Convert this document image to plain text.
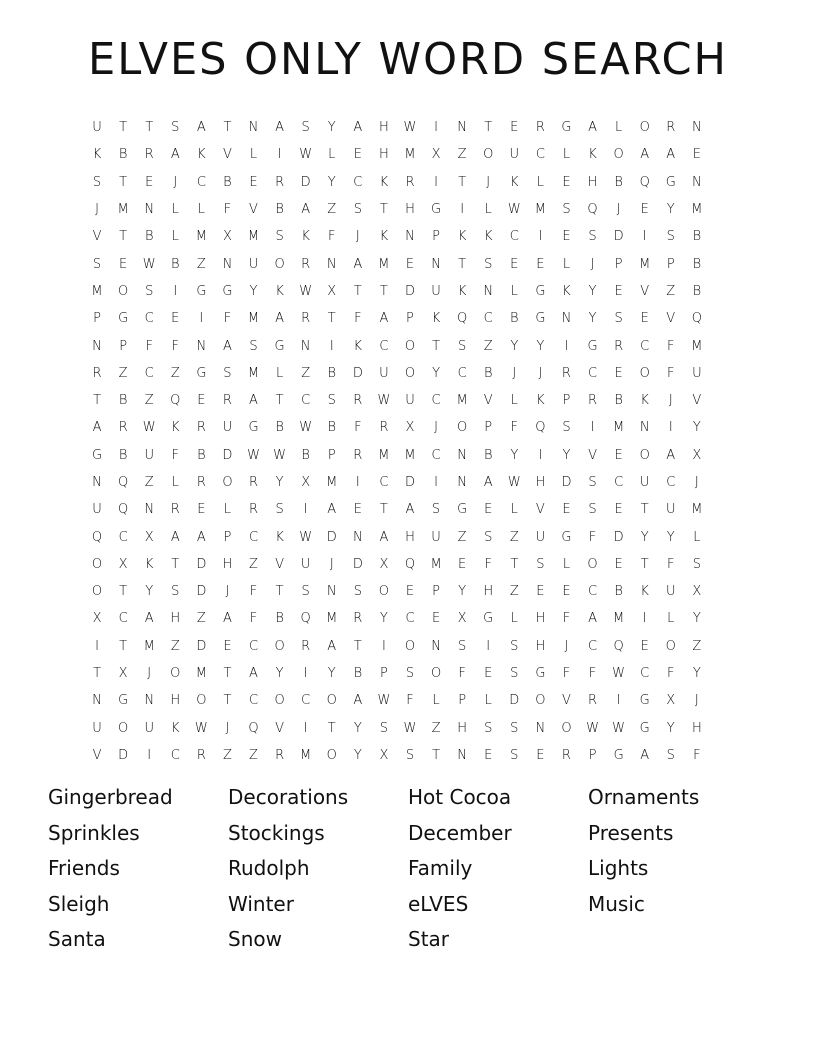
ELVES ONLY WORD SEARCH
U	T	T	S	A	T	N	A	S	Y	A	H	W	I	N	T	E	R	G	A	L	O	R	N
K	B	R	A	K	V	L	I	W	L	E	H	M	X	Z	O	U	C	L	K	O	A	A	E
S	T	E	J	C	B	E	R	D	Y	C	K	R	I	T	J	K	L	E	H	B	Q	G	N
J	M	N	L	L	F	V	B	A	Z	S	T	H	G	I	L	W	M	S	Q	J	E	Y	M
V	T	B	L	M	X	M	S	K	F	J	K	N	P	K	K	C	I	E	S	D	I	S	B
S	E	W	B	Z	N	U	O	R	N	A	M	E	N	T	S	E	E	L	J	P	M	P	B
M	O	S	I	G	G	Y	K	W	X	T	T	D	U	K	N	L	G	K	Y	E	V	Z	B
P	G	C	E	I	F	M	A	R	T	F	A	P	K	Q	C	B	G	N	Y	S	E	V	Q
N	P	F	F	N	A	S	G	N	I	K	C	O	T	S	Z	Y	Y	I	G	R	C	F	M
R	Z	C	Z	G	S	M	L	Z	B	D	U	O	Y	C	B	J	J	R	C	E	O	F	U
T	B	Z	Q	E	R	A	T	C	S	R	W	U	C	M	V	L	K	P	R	B	K	J	V
A	R	W	K	R	U	G	B	W	B	F	R	X	J	O	P	F	Q	S	I	M	N	I	Y
G	B	U	F	B	D	W	W	B	P	R	M	M	C	N	B	Y	I	Y	V	E	O	A	X
N	Q	Z	L	R	O	R	Y	X	M	I	C	D	I	N	A	W	H	D	S	C	U	C	J
U	Q	N	R	E	L	R	S	I	A	E	T	A	S	G	E	L	V	E	S	E	T	U	M
Q	C	X	A	A	P	C	K	W	D	N	A	H	U	Z	S	Z	U	G	F	D	Y	Y	L
O	X	K	T	D	H	Z	V	U	J	D	X	Q	M	E	F	T	S	L	O	E	T	F	S
O	T	Y	S	D	J	F	T	S	N	S	O	E	P	Y	H	Z	E	E	C	B	K	U	X
X	C	A	H	Z	A	F	B	Q	M	R	Y	C	E	X	G	L	H	F	A	M	I	L	Y
I	T	M	Z	D	E	C	O	R	A	T	I	O	N	S	I	S	H	J	C	Q	E	O	Z
T	X	J	O	M	T	A	Y	I	Y	B	P	S	O	F	E	S	G	F	F	W	C	F	Y
N	G	N	H	O	T	C	O	C	O	A	W	F	L	P	L	D	O	V	R	I	G	X	J
U	O	U	K	W	J	Q	V	I	T	Y	S	W	Z	H	S	S	N	O	W	W	G	Y	H
V	D	I	C	R	Z	Z	R	M	O	Y	X	S	T	N	E	S	E	R	P	G	A	S	F
Gingerbread
Sprinkles
Friends
Sleigh
Santa
Decorations
Stockings
Rudolph
Winter
Snow
Hot Cocoa
December
Family
eLVES
Star
Ornaments
Presents
Lights
Music
